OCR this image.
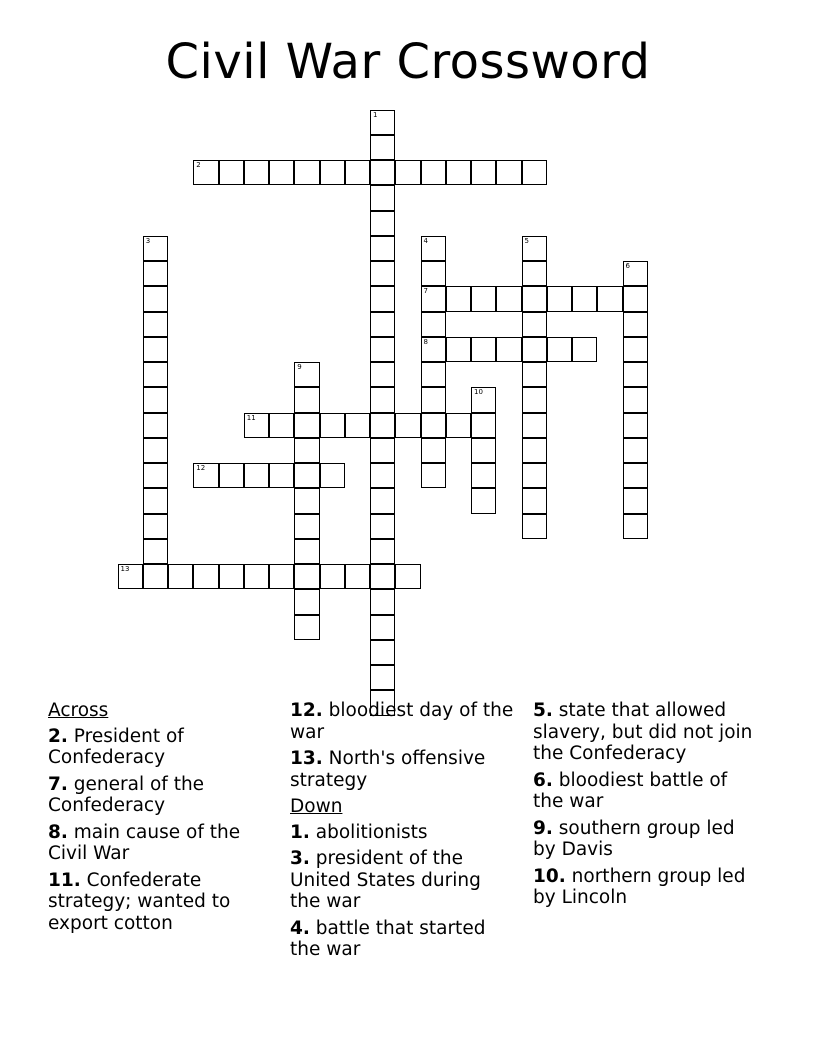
Civil War Crossword
1
2
3	4
7
8
5
6
9
10
11
12
13
Across
2. President of Confederacy
7. general of the Confederacy
8. main cause of the Civil War
11. Confederate strategy; wanted to export cotton
12. bloodiest day of the war
13. North's offensive strategy
Down
1. abolitionists
3. president of the United States during the war
4. battle that started the war
5. state that allowed slavery, but did not join the Confederacy
6. bloodiest battle of the war
9. southern group led by Davis
10. northern group led by Lincoln
